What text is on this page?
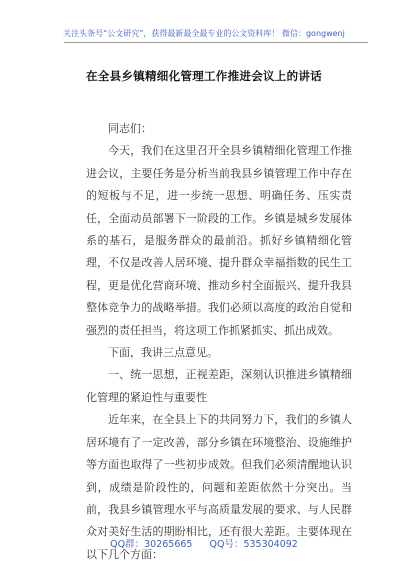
关注头条号“公文研究”，获得最新最全最专业的公文资料库！ 微信：gongwenj
在全县乡镇精细化管理工作推进会议上的讲话

同志们：

今天，我们在这里召开全县乡镇精细化管理工作推进会议，主要任务是分析当前我县乡镇管理工作中存在的短板与不足，进一步统一思想、明确任务、压实责任，全面动员部署下一阶段的工作。乡镇是城乡发展体系的基石，是服务群众的最前沿。抓好乡镇精细化管理，不仅是改善人居环境、提升群众幸福指数的民生工程，更是优化营商环境、推动乡村全面振兴、提升我县整体竞争力的战略举措。我们必须以高度的政治自觉和强烈的责任担当，将这项工作抓紧抓实、抓出成效。

下面，我讲三点意见。

一、统一思想，正视差距，深刻认识推进乡镇精细化管理的紧迫性与重要性

近年来，在全县上下的共同努力下，我们的乡镇人居环境有了一定改善，部分乡镇在环境整治、设施维护等方面也取得了一些初步成效。但我们必须清醒地认识到，成绩是阶段性的，问题和差距依然十分突出。当前，我县乡镇管理水平与高质量发展的要求、与人民群众对美好生活的期盼相比，还有很大差距。主要体现在以下几个方面：

QQ群：30265665 QQ号：535304092
